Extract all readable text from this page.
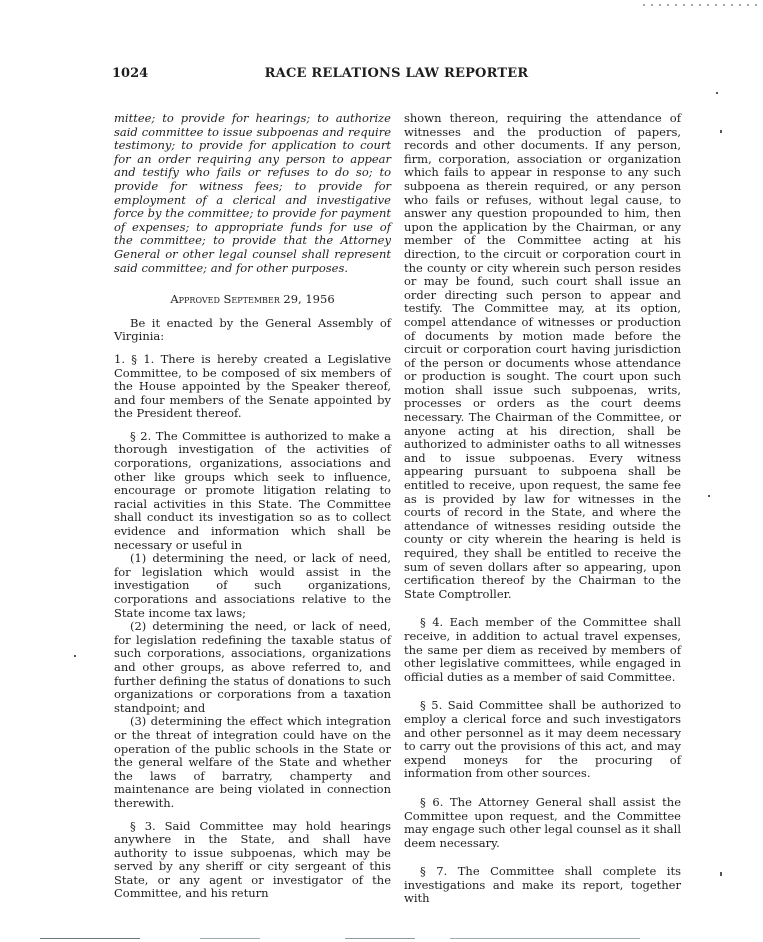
1024	RACE RELATIONS LAW REPORTER

mittee; to provide for hearings; to authorize said committee to issue subpoenas and require testimony; to provide for application to court for an order requiring any person to appear and testify who fails or refuses to do so; to provide for witness fees; to provide for employment of a clerical and investigative force by the committee; to provide for payment of expenses; to appropriate funds for use of the committee; to provide that the Attorney General or other legal counsel shall represent said committee; and for other purposes.

Approved September 29, 1956

Be it enacted by the General Assembly of Virginia:

1. § 1. There is hereby created a Legislative Committee, to be composed of six members of the House appointed by the Speaker thereof, and four members of the Senate appointed by the President thereof.

§ 2. The Committee is authorized to make a thorough investigation of the activities of corporations, organizations, associations and other like groups which seek to influence, encourage or promote litigation relating to racial activities in this State. The Committee shall conduct its investigation so as to collect evidence and information which shall be necessary or useful in

(1) determining the need, or lack of need, for legislation which would assist in the investigation of such organizations, corporations and associations relative to the State income tax laws;

(2) determining the need, or lack of need, for legislation redefining the taxable status of such corporations, associations, organizations and other groups, as above referred to, and further defining the status of donations to such organizations or corporations from a taxation standpoint; and

(3) determining the effect which integration or the threat of integration could have on the operation of the public schools in the State or the general welfare of the State and whether the laws of barratry, champerty and maintenance are being violated in connection therewith.

§ 3. Said Committee may hold hearings anywhere in the State, and shall have authority to issue subpoenas, which may be served by any sheriff or city sergeant of this State, or any agent or investigator of the Committee, and his return

shown thereon, requiring the attendance of witnesses and the production of papers, records and other documents. If any person, firm, corporation, association or organization which fails to appear in response to any such subpoena as therein required, or any person who fails or refuses, without legal cause, to answer any question propounded to him, then upon the application by the Chairman, or any member of the Committee acting at his direction, to the circuit or corporation court in the county or city wherein such person resides or may be found, such court shall issue an order directing such person to appear and testify. The Committee may, at its option, compel attendance of witnesses or production of documents by motion made before the circuit or corporation court having jurisdiction of the person or documents whose attendance or production is sought. The court upon such motion shall issue such subpoenas, writs, processes or orders as the court deems necessary. The Chairman of the Committee, or anyone acting at his direction, shall be authorized to administer oaths to all witnesses and to issue subpoenas. Every witness appearing pursuant to subpoena shall be entitled to receive, upon request, the same fee as is provided by law for witnesses in the courts of record in the State, and where the attendance of witnesses residing outside the county or city wherein the hearing is held is required, they shall be entitled to receive the sum of seven dollars after so appearing, upon certification thereof by the Chairman to the State Comptroller.

§ 4. Each member of the Committee shall receive, in addition to actual travel expenses, the same per diem as received by members of other legislative committees, while engaged in official duties as a member of said Committee.

§ 5. Said Committee shall be authorized to employ a clerical force and such investigators and other personnel as it may deem necessary to carry out the provisions of this act, and may expend moneys for the procuring of information from other sources.

§ 6. The Attorney General shall assist the Committee upon request, and the Committee may engage such other legal counsel as it shall deem necessary.

§ 7. The Committee shall complete its investigations and make its report, together with
